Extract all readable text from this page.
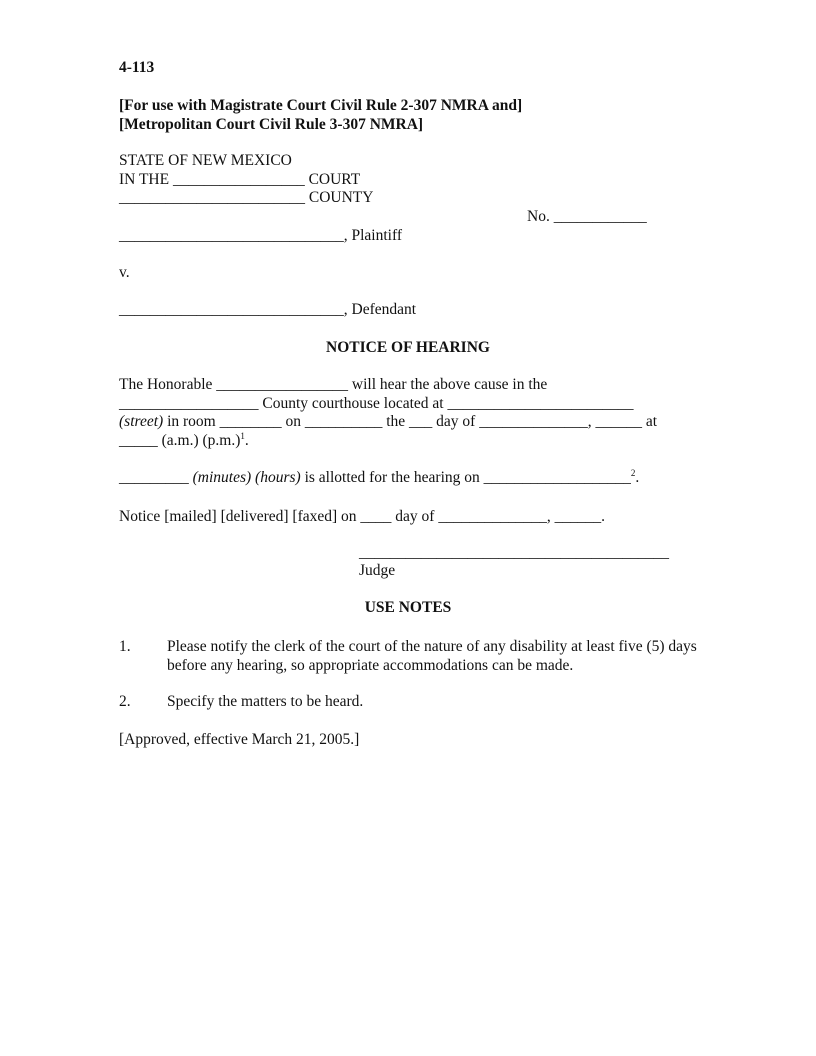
4-113
[For use with Magistrate Court Civil Rule 2-307 NMRA and]
[Metropolitan Court Civil Rule 3-307 NMRA]
STATE OF NEW MEXICO
IN THE _________________ COURT
________________________ COUNTY
No. ____________
_____________________________, Plaintiff
v.
_____________________________, Defendant
NOTICE OF HEARING
The Honorable _________________ will hear the above cause in the
__________________ County courthouse located at ________________________
(street) in room ________ on __________ the ___ day of ______________, ______ at
_____ (a.m.) $(p.m.)^1$.
_________ (minutes) (hours) is allotted for the hearing on ___________________$^2$.
Notice [mailed] [delivered] [faxed] on ____ day of ______________, ______.
________________________________________
Judge
USE NOTES
1. Please notify the clerk of the court of the nature of any disability at least five (5) days before any hearing, so appropriate accommodations can be made.
2. Specify the matters to be heard.
[Approved, effective March 21, 2005.]
